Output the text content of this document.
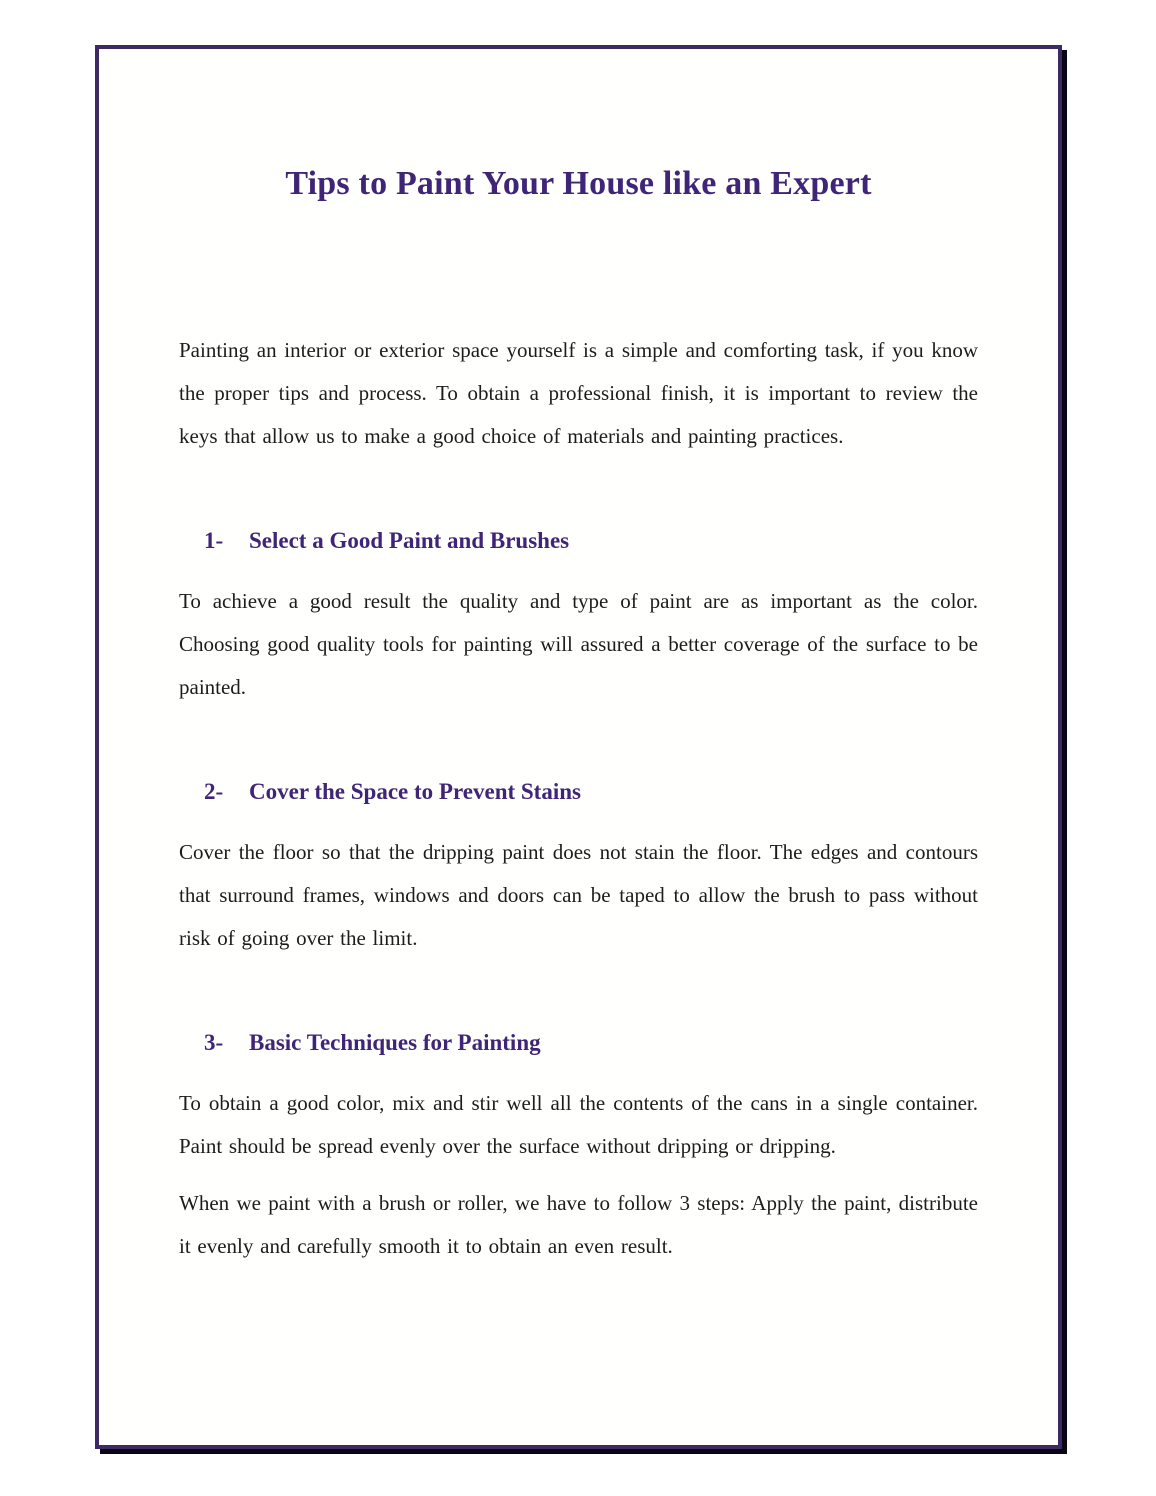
Tips to Paint Your House like an Expert

Painting an interior or exterior space yourself is a simple and comforting task, if you know the proper tips and process. To obtain a professional finish, it is important to review the keys that allow us to make a good choice of materials and painting practices.

1- Select a Good Paint and Brushes

To achieve a good result the quality and type of paint are as important as the color. Choosing good quality tools for painting will assured a better coverage of the surface to be painted.

2- Cover the Space to Prevent Stains

Cover the floor so that the dripping paint does not stain the floor. The edges and contours that surround frames, windows and doors can be taped to allow the brush to pass without risk of going over the limit.

3- Basic Techniques for Painting

To obtain a good color, mix and stir well all the contents of the cans in a single container. Paint should be spread evenly over the surface without dripping or dripping.

When we paint with a brush or roller, we have to follow 3 steps: Apply the paint, distribute it evenly and carefully smooth it to obtain an even result.
